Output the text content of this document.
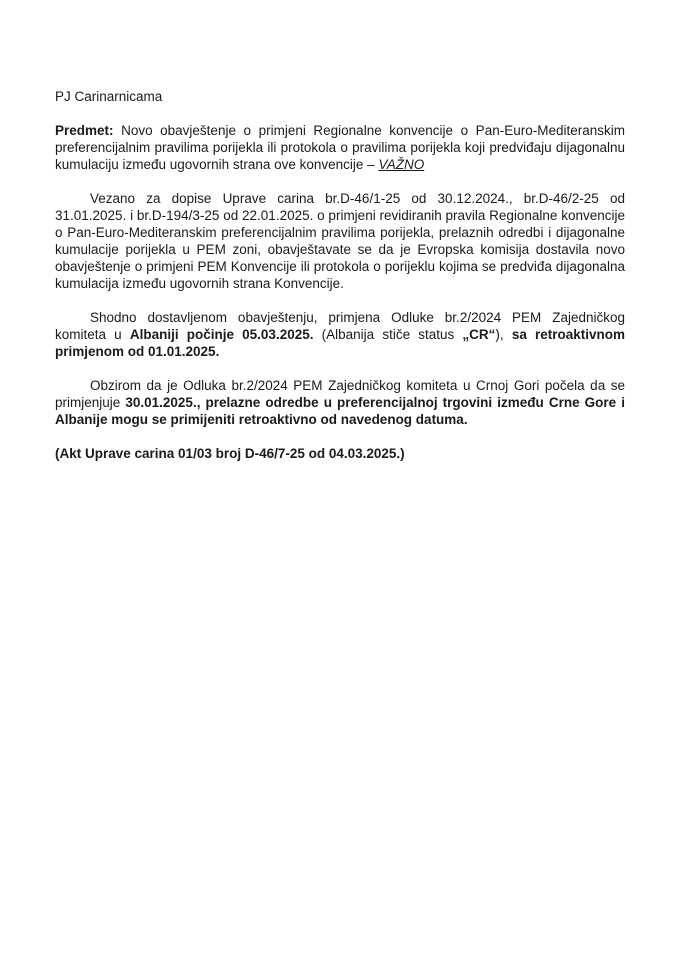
PJ Carinarnicama

Predmet: Novo obavještenje o primjeni Regionalne konvencije o Pan-Euro-Mediteranskim preferencijalnim pravilima porijekla ili protokola o pravilima porijekla koji predviđaju dijagonalnu kumulaciju između ugovornih strana ove konvencije – VAŽNO

Vezano za dopise Uprave carina br.D-46/1-25 od 30.12.2024., br.D-46/2-25 od 31.01.2025. i br.D-194/3-25 od 22.01.2025. o primjeni revidiranih pravila Regionalne konvencije o Pan-Euro-Mediteranskim preferencijalnim pravilima porijekla, prelaznih odredbi i dijagonalne kumulacije porijekla u PEM zoni, obavještavate se da je Evropska komisija dostavila novo obavještenje o primjeni PEM Konvencije ili protokola o porijeklu kojima se predviđa dijagonalna kumulacija između ugovornih strana Konvencije.

Shodno dostavljenom obavještenju, primjena Odluke br.2/2024 PEM Zajedničkog komiteta u Albaniji počinje 05.03.2025. (Albanija stiče status „CR“), sa retroaktivnom primjenom od 01.01.2025.

Obzirom da je Odluka br.2/2024 PEM Zajedničkog komiteta u Crnoj Gori počela da se primjenjuje 30.01.2025., prelazne odredbe u preferencijalnoj trgovini između Crne Gore i Albanije mogu se primijeniti retroaktivno od navedenog datuma.

(Akt Uprave carina 01/03 broj D-46/7-25 od 04.03.2025.)
